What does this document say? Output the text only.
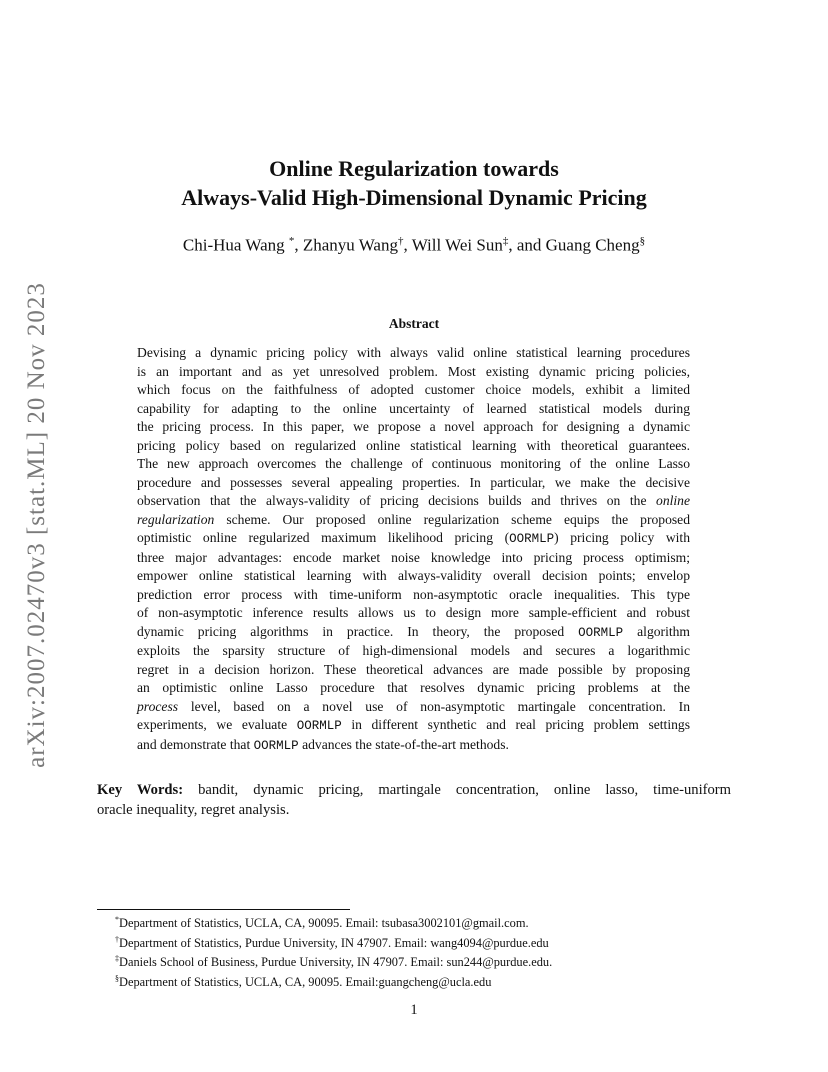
arXiv:2007.02470v3 [stat.ML] 20 Nov 2023
Online Regularization towards
Always-Valid High-Dimensional Dynamic Pricing
Chi-Hua Wang *, Zhanyu Wang†, Will Wei Sun‡, and Guang Cheng§
Abstract
Devising a dynamic pricing policy with always valid online statistical learning procedures
is an important and as yet unresolved problem. Most existing dynamic pricing policies,
which focus on the faithfulness of adopted customer choice models, exhibit a limited
capability for adapting to the online uncertainty of learned statistical models during
the pricing process. In this paper, we propose a novel approach for designing a dynamic
pricing policy based on regularized online statistical learning with theoretical guarantees.
The new approach overcomes the challenge of continuous monitoring of the online Lasso
procedure and possesses several appealing properties. In particular, we make the decisive
observation that the always-validity of pricing decisions builds and thrives on the online
regularization scheme. Our proposed online regularization scheme equips the proposed
optimistic online regularized maximum likelihood pricing (OORMLP) pricing policy with
three major advantages: encode market noise knowledge into pricing process optimism;
empower online statistical learning with always-validity overall decision points; envelop
prediction error process with time-uniform non-asymptotic oracle inequalities. This type
of non-asymptotic inference results allows us to design more sample-efficient and robust
dynamic pricing algorithms in practice. In theory, the proposed OORMLP algorithm
exploits the sparsity structure of high-dimensional models and secures a logarithmic
regret in a decision horizon. These theoretical advances are made possible by proposing
an optimistic online Lasso procedure that resolves dynamic pricing problems at the
process level, based on a novel use of non-asymptotic martingale concentration. In
experiments, we evaluate OORMLP in different synthetic and real pricing problem settings
and demonstrate that OORMLP advances the state-of-the-art methods.
Key Words: bandit, dynamic pricing, martingale concentration, online lasso, time-uniform
oracle inequality, regret analysis.
*Department of Statistics, UCLA, CA, 90095. Email: tsubasa3002101@gmail.com.
†Department of Statistics, Purdue University, IN 47907. Email: wang4094@purdue.edu
‡Daniels School of Business, Purdue University, IN 47907. Email: sun244@purdue.edu.
§Department of Statistics, UCLA, CA, 90095. Email:guangcheng@ucla.edu
1
